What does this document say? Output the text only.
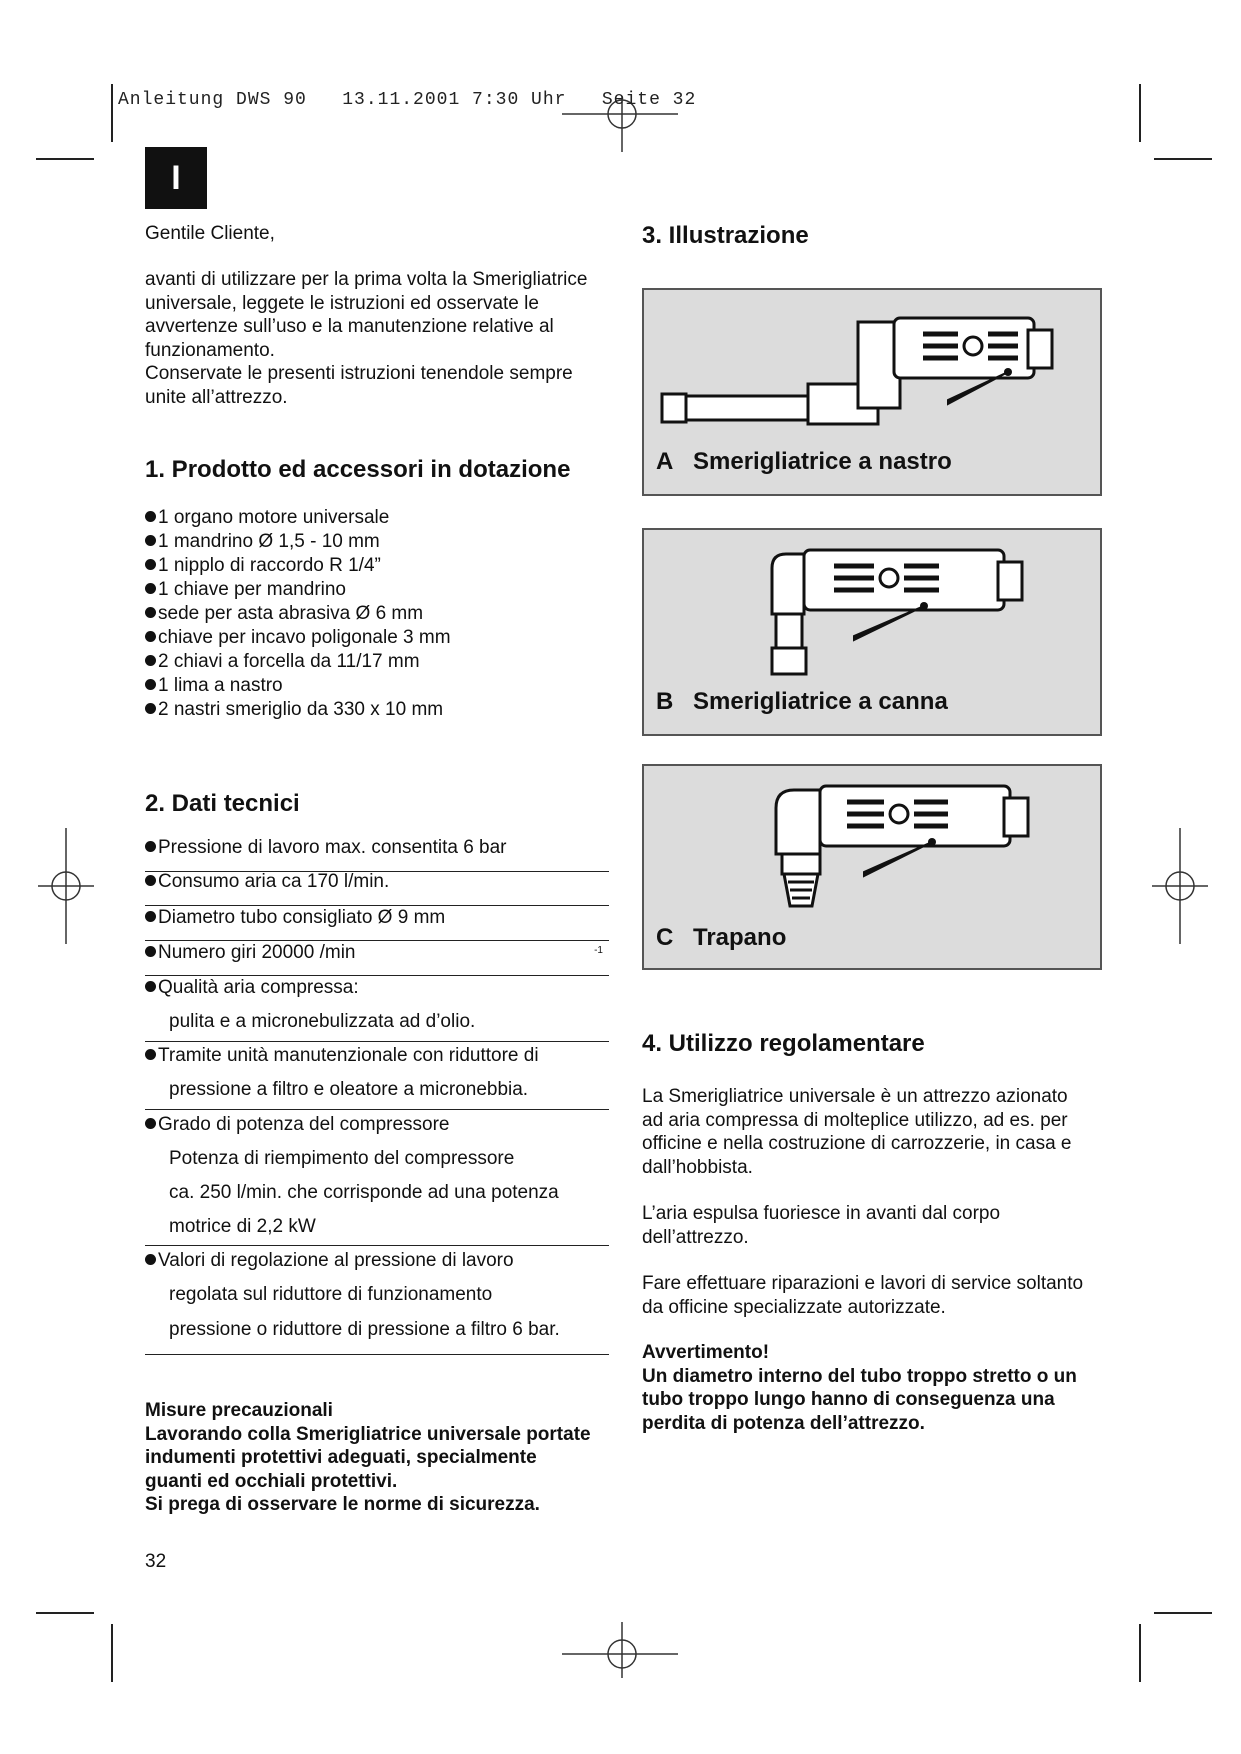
Anleitung DWS 90   13.11.2001 7:30 Uhr   Seite 32
I
Gentile Cliente,
avanti di utilizzare per la prima volta la Smerigliatrice
universale, leggete le istruzioni ed osservate le
avvertenze sull’uso e la manutenzione relative al
funzionamento.
Conservate le presenti istruzioni tenendole sempre
unite all’attrezzo.
1. Prodotto ed accessori in dotazione
1 organo motore universale
1 mandrino Ø 1,5 - 10 mm
1 nipplo di raccordo R 1/4”
1 chiave per mandrino
sede per asta abrasiva Ø 6 mm
chiave per incavo poligonale 3 mm
2 chiavi a forcella da 11/17 mm
1 lima a nastro
2 nastri smeriglio da 330 x 10 mm
2. Dati tecnici
Pressione di lavoro max. consentita 6 bar
Consumo aria ca 170 l/min.
Diametro tubo consigliato Ø 9 mm
Numero giri 20000 /min	-1
Qualità aria compressa:
pulita e a micronebulizzata ad d’olio.
Tramite unità manutenzionale con riduttore di
pressione a filtro e oleatore a micronebbia.
Grado di potenza del compressore
Potenza di riempimento del compressore
ca. 250 l/min. che corrisponde ad una potenza
motrice di 2,2 kW
Valori di regolazione al pressione di lavoro
regolata sul riduttore di funzionamento
pressione o riduttore di pressione a filtro 6 bar.
Misure precauzionali
Lavorando colla Smerigliatrice universale portate
indumenti protettivi adeguati, specialmente
guanti ed occhiali protettivi.
Si prega di osservare le norme di sicurezza.
32
3. Illustrazione
A Smerigliatrice a nastro
B Smerigliatrice a canna
C Trapano
4. Utilizzo regolamentare
La Smerigliatrice universale è un attrezzo azionato
ad aria compressa di molteplice utilizzo, ad es. per
officine e nella costruzione di carrozzerie, in casa e
dall’hobbista.
L’aria espulsa fuoriesce in avanti dal corpo
dell’attrezzo.
Fare effettuare riparazioni e lavori di service soltanto
da officine specializzate autorizzate.
Avvertimento!
Un diametro interno del tubo troppo stretto o un
tubo troppo lungo hanno di conseguenza una
perdita di potenza dell’attrezzo.
